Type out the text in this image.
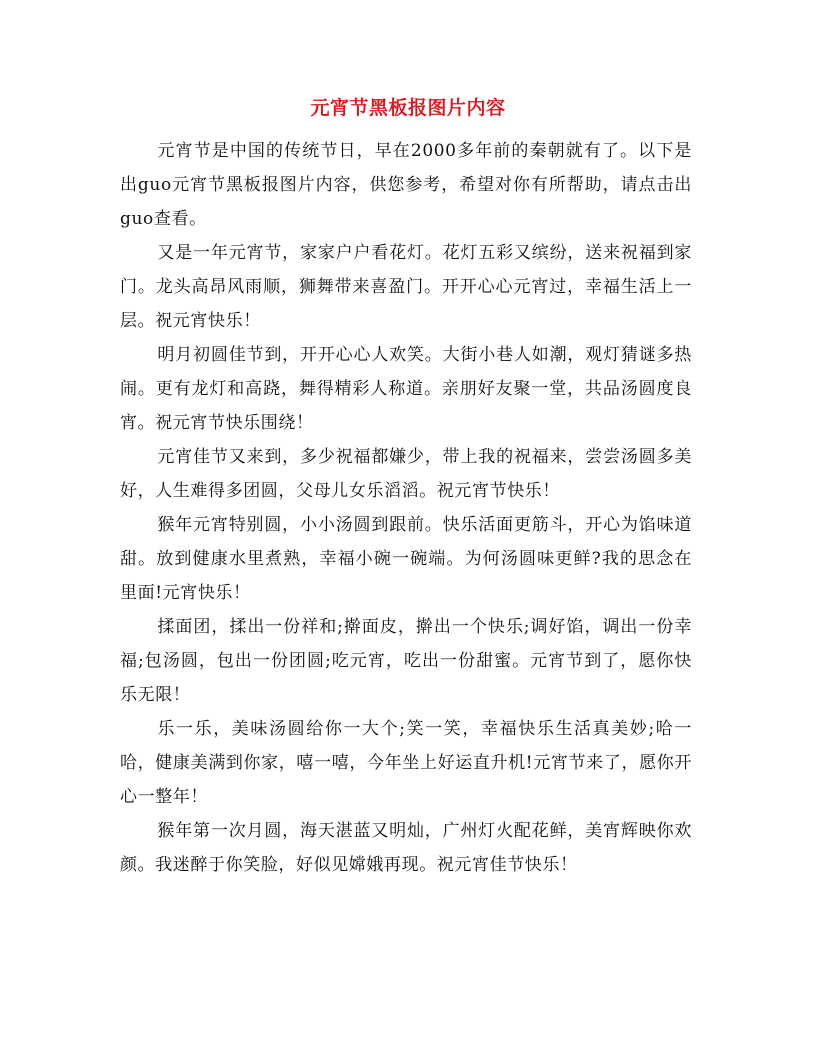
元宵节黑板报图片内容

元宵节是中国的传统节日，早在2000多年前的秦朝就有了。以下是出guo元宵节黑板报图片内容，供您参考，希望对你有所帮助，请点击出guo查看。

又是一年元宵节，家家户户看花灯。花灯五彩又缤纷，送来祝福到家门。龙头高昂风雨顺，狮舞带来喜盈门。开开心心元宵过，幸福生活上一层。祝元宵快乐！

明月初圆佳节到，开开心心人欢笑。大街小巷人如潮，观灯猜谜多热闹。更有龙灯和高跷，舞得精彩人称道。亲朋好友聚一堂，共品汤圆度良宵。祝元宵节快乐围绕！

元宵佳节又来到，多少祝福都嫌少，带上我的祝福来，尝尝汤圆多美好，人生难得多团圆，父母儿女乐滔滔。祝元宵节快乐！

猴年元宵特别圆，小小汤圆到跟前。快乐活面更筋斗，开心为馅味道甜。放到健康水里煮熟，幸福小碗一碗端。为何汤圆味更鲜?我的思念在里面!元宵快乐！

揉面团，揉出一份祥和;擀面皮，擀出一个快乐;调好馅，调出一份幸福;包汤圆，包出一份团圆;吃元宵，吃出一份甜蜜。元宵节到了，愿你快乐无限！

乐一乐，美味汤圆给你一大个;笑一笑，幸福快乐生活真美妙;哈一哈，健康美满到你家，嘻一嘻，今年坐上好运直升机!元宵节来了，愿你开心一整年！

猴年第一次月圆，海天湛蓝又明灿，广州灯火配花鲜，美宵辉映你欢颜。我迷醉于你笑脸，好似见嫦娥再现。祝元宵佳节快乐！
